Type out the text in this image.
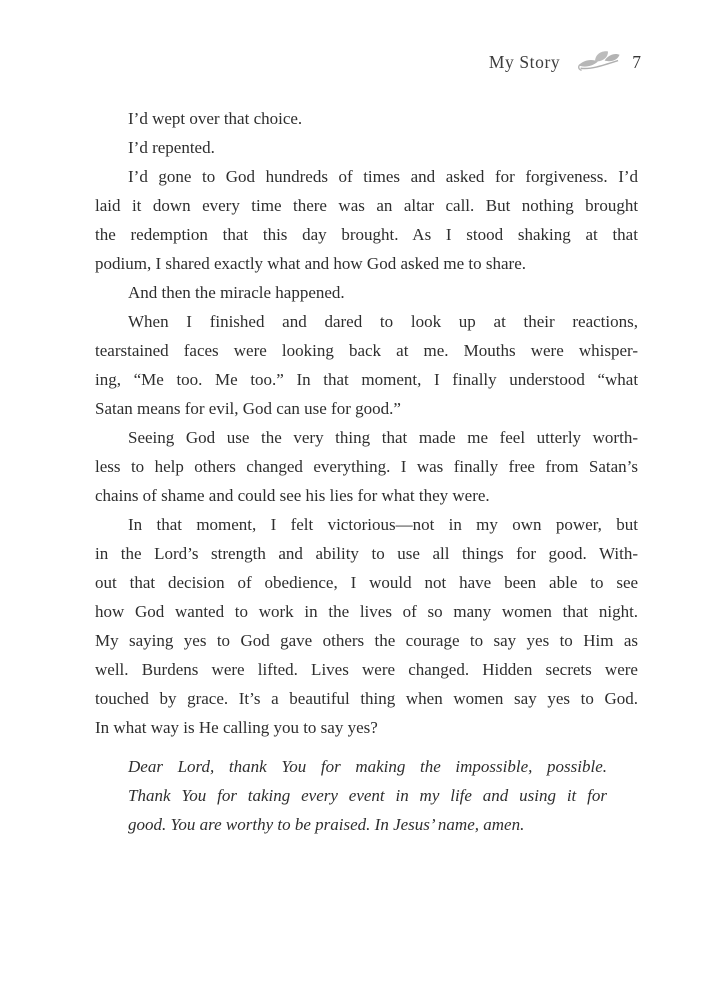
My Story	7
I’d wept over that choice.
I’d repented.
I’d gone to God hundreds of times and asked for forgiveness. I’d
laid it down every time there was an altar call. But nothing brought
the redemption that this day brought. As I stood shaking at that
podium, I shared exactly what and how God asked me to share.
And then the miracle happened.
When I finished and dared to look up at their reactions,
tearstained faces were looking back at me. Mouths were whisper-
ing, “Me too. Me too.” In that moment, I finally understood “what
Satan means for evil, God can use for good.”
Seeing God use the very thing that made me feel utterly worth-
less to help others changed everything. I was finally free from Satan’s
chains of shame and could see his lies for what they were.
In that moment, I felt victorious—not in my own power, but
in the Lord’s strength and ability to use all things for good. With-
out that decision of obedience, I would not have been able to see
how God wanted to work in the lives of so many women that night.
My saying yes to God gave others the courage to say yes to Him as
well. Burdens were lifted. Lives were changed. Hidden secrets were
touched by grace. It’s a beautiful thing when women say yes to God.
In what way is He calling you to say yes?
Dear Lord, thank You for making the impossible, possible.
Thank You for taking every event in my life and using it for
good. You are worthy to be praised. In Jesus’ name, amen.
